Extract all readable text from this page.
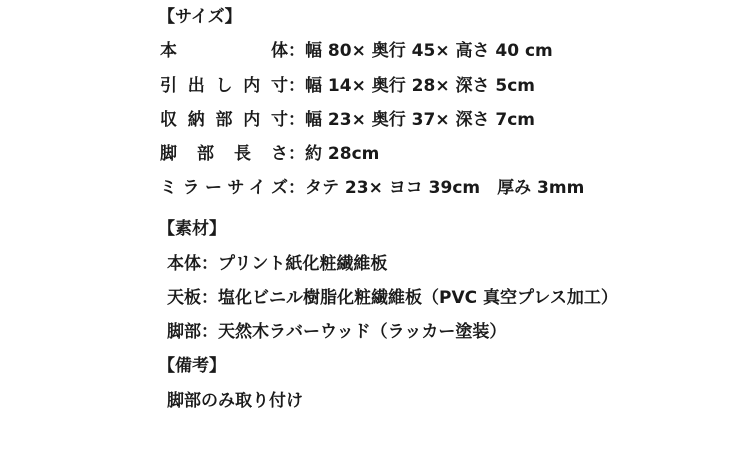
【サイズ】
本体：幅 80× 奥行 45× 高さ 40 cm
引出し内寸：幅 14× 奥行 28× 深さ 5cm
収納部内寸：幅 23× 奥行 37× 深さ 7cm
脚部長さ：約 28cm
ミラーサイズ：タテ 23× ヨコ 39cm　厚み 3mm
【素材】
本体：プリント紙化粧繊維板
天板：塩化ビニル樹脂化粧繊維板（PVC 真空プレス加工）
脚部：天然木ラバーウッド（ラッカー塗装）
【備考】
脚部のみ取り付け
